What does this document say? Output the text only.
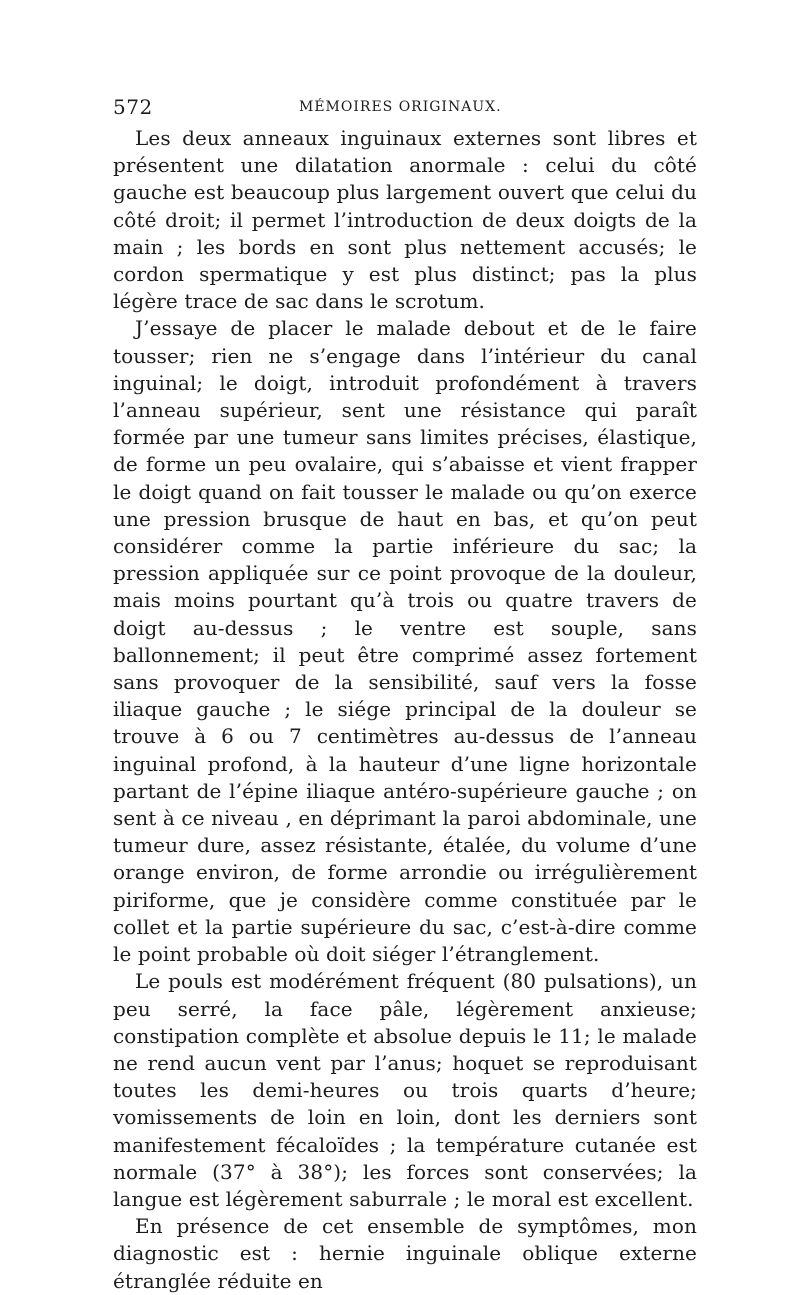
572	MÉMOIRES ORIGINAUX.

Les deux anneaux inguinaux externes sont libres et présentent une dilatation anormale : celui du côté gauche est beaucoup plus largement ouvert que celui du côté droit; il permet l’introduction de deux doigts de la main ; les bords en sont plus nettement accusés; le cordon spermatique y est plus distinct; pas la plus légère trace de sac dans le scrotum.

J’essaye de placer le malade debout et de le faire tousser; rien ne s’engage dans l’intérieur du canal inguinal; le doigt, introduit profondément à travers l’anneau supérieur, sent une résistance qui paraît formée par une tumeur sans limites précises, élastique, de forme un peu ovalaire, qui s’abaisse et vient frapper le doigt quand on fait tousser le malade ou qu’on exerce une pression brusque de haut en bas, et qu’on peut considérer comme la partie inférieure du sac; la pression appliquée sur ce point provoque de la douleur, mais moins pourtant qu’à trois ou quatre travers de doigt au-dessus ; le ventre est souple, sans ballonnement; il peut être comprimé assez fortement sans provoquer de la sensibilité, sauf vers la fosse iliaque gauche ; le siége principal de la douleur se trouve à 6 ou 7 centimètres au-dessus de l’anneau inguinal profond, à la hauteur d’une ligne horizontale partant de l’épine iliaque antéro-supérieure gauche ; on sent à ce niveau , en déprimant la paroi abdominale, une tumeur dure, assez résistante, étalée, du volume d’une orange environ, de forme arrondie ou irrégulièrement piriforme, que je considère comme constituée par le collet et la partie supérieure du sac, c’est-à-dire comme le point probable où doit siéger l’étranglement.

Le pouls est modérément fréquent (80 pulsations), un peu serré, la face pâle, légèrement anxieuse; constipation complète et absolue depuis le 11; le malade ne rend aucun vent par l’anus; hoquet se reproduisant toutes les demi-heures ou trois quarts d’heure; vomissements de loin en loin, dont les derniers sont manifestement fécaloïdes ; la température cutanée est normale (37° à 38°); les forces sont conservées; la langue est légèrement saburrale ; le moral est excellent.

En présence de cet ensemble de symptômes, mon diagnostic est : hernie inguinale oblique externe étranglée réduite en
